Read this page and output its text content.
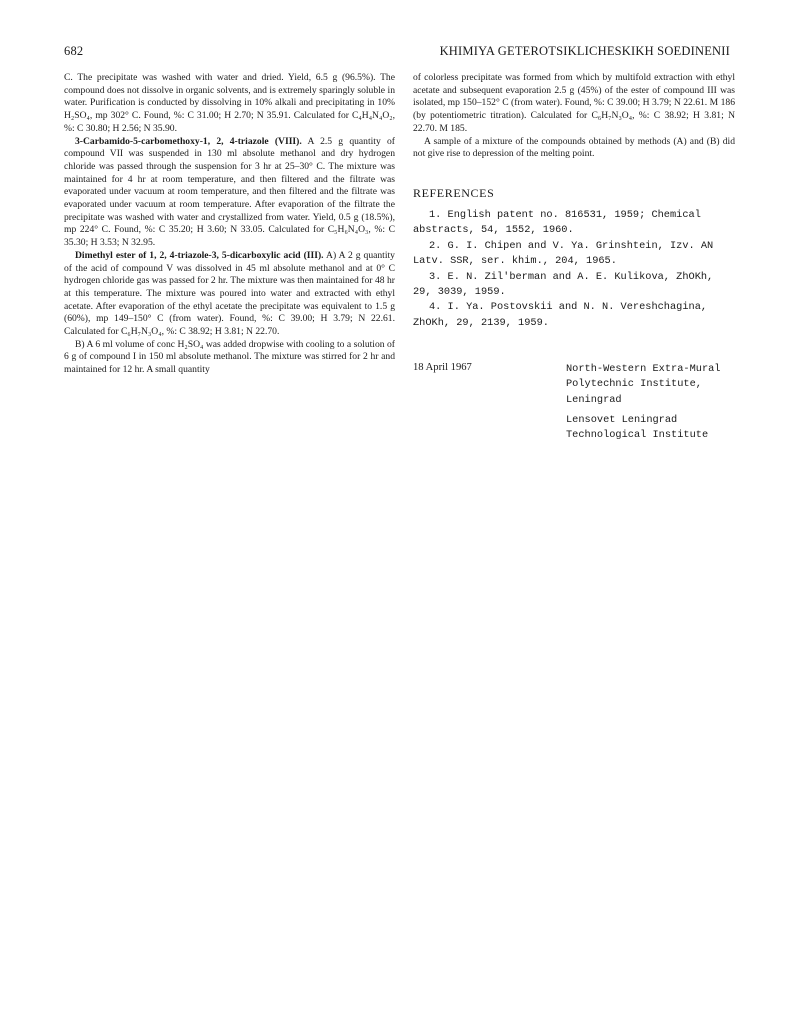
682	KHIMIYA GETEROTSIKLICHESKIKH SOEDINENII

C. The precipitate was washed with water and dried. Yield, 6.5 g (96.5%). The compound does not dissolve in organic solvents, and is extremely sparingly soluble in water. Purification is conducted by dissolving in 10% alkali and precipitating in 10% H₂SO₄, mp 302° C. Found, %: C 31.00; H 2.70; N 35.91. Calculated for C₄H₄N₄O₂, %: C 30.80; H 2.56; N 35.90.

3-Carbamido-5-carbomethoxy-1, 2, 4-triazole (VIII). A 2.5 g quantity of compound VII was suspended in 130 ml absolute methanol and dry hydrogen chloride was passed through the suspension for 3 hr at 25–30° C. The mixture was maintained for 4 hr at room temperature, and then filtered and the filtrate was evaporated under vacuum at room temperature, and then filtered and the filtrate was evaporated under vacuum at room temperature. After evaporation of the filtrate the precipitate was washed with water and crystallized from water. Yield, 0.5 g (18.5%), mp 224° C. Found, %: C 35.20; H 3.60; N 33.05. Calculated for C₅H₆N₄O₃, %: C 35.30; H 3.53; N 32.95.

Dimethyl ester of 1, 2, 4-triazole-3, 5-dicarboxylic acid (III). A) A 2 g quantity of the acid of compound V was dissolved in 45 ml absolute methanol and at 0° C hydrogen chloride gas was passed for 2 hr. The mixture was then maintained for 48 hr at this temperature. The mixture was poured into water and extracted with ethyl acetate. After evaporation of the ethyl acetate the precipitate was equivalent to 1.5 g (60%), mp 149–150° C (from water). Found, %: C 39.00; H 3.79; N 22.61. Calculated for C₆H₇N₃O₄, %: C 38.92; H 3.81; N 22.70.

B) A 6 ml volume of conc H₂SO₄ was added dropwise with cooling to a solution of 6 g of compound I in 150 ml absolute methanol. The mixture was stirred for 2 hr and maintained for 12 hr. A small quantity

of colorless precipitate was formed from which by multifold extraction with ethyl acetate and subsequent evaporation 2.5 g (45%) of the ester of compound III was isolated, mp 150–152° C (from water). Found, %: C 39.00; H 3.79; N 22.61. M 186 (by potentiometric titration). Calculated for C₆H₇N₃O₄, %: C 38.92; H 3.81; N 22.70. M 185.

A sample of a mixture of the compounds obtained by methods (A) and (B) did not give rise to depression of the melting point.

REFERENCES

1. English patent no. 816531, 1959; Chemical abstracts, 54, 1552, 1960.

2. G. I. Chipen and V. Ya. Grinshtein, Izv. AN Latv. SSR, ser. khim., 204, 1965.

3. E. N. Zil'berman and A. E. Kulikova, ZhOKh, 29, 3039, 1959.

4. I. Ya. Postovskii and N. N. Vereshchagina, ZhOKh, 29, 2139, 1959.

18 April 1967	North-Western Extra-Mural Polytechnic Institute, Leningrad
Lensovet Leningrad Technological Institute
